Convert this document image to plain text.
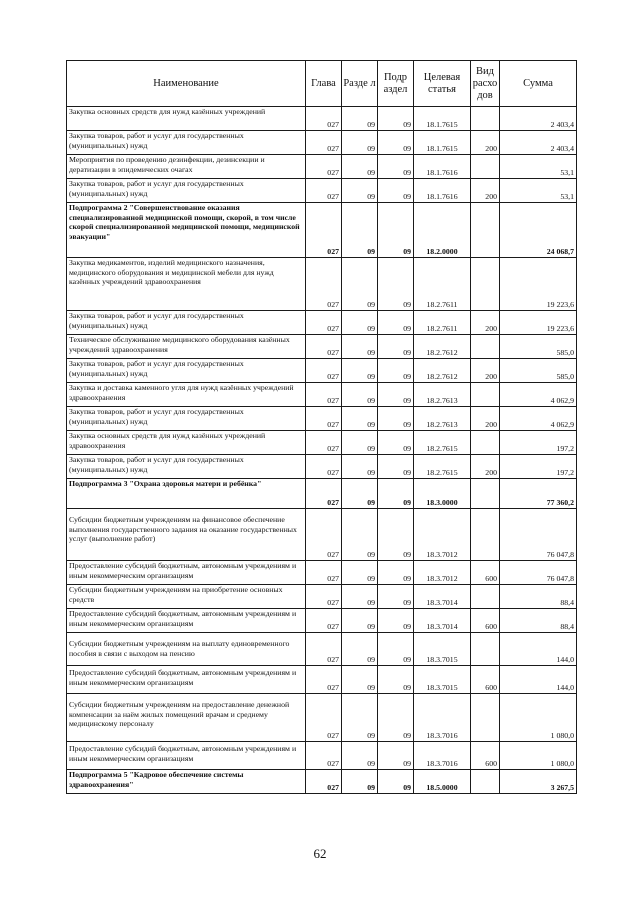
Наименование	Глава	Разде л	Подр аздел	Целевая статья	Вид расхо дов	Сумма
Закупка основных средств для нужд казённых учреждений	027	09	09	18.1.7615		2 403,4
Закупка товаров, работ и услуг для государственных (муниципальных) нужд	027	09	09	18.1.7615	200	2 403,4
Мероприятия по проведению дезинфекции, дезинсекции и дератизации в эпидемических очагах	027	09	09	18.1.7616		53,1
Закупка товаров, работ и услуг для государственных (муниципальных) нужд	027	09	09	18.1.7616	200	53,1
Подпрограмма 2 "Совершенствование оказания специализированной медицинской помощи, скорой, в том числе скорой специализированной медицинской помощи, медицинской эвакуации"	027	09	09	18.2.0000		24 068,7
Закупка медикаментов, изделий медицинского назначения, медицинского оборудования и медицинской мебели для нужд казённых учреждений здравоохранения	027	09	09	18.2.7611		19 223,6
Закупка товаров, работ и услуг для государственных (муниципальных) нужд	027	09	09	18.2.7611	200	19 223,6
Техническое обслуживание медицинского оборудования казённых учреждений здравоохранения	027	09	09	18.2.7612		585,0
Закупка товаров, работ и услуг для государственных (муниципальных) нужд	027	09	09	18.2.7612	200	585,0
Закупка и доставка каменного угля для нужд казённых учреждений здравоохранения	027	09	09	18.2.7613		4 062,9
Закупка товаров, работ и услуг для государственных (муниципальных) нужд	027	09	09	18.2.7613	200	4 062,9
Закупка основных средств для нужд казённых учреждений здравоохранения	027	09	09	18.2.7615		197,2
Закупка товаров, работ и услуг для государственных (муниципальных) нужд	027	09	09	18.2.7615	200	197,2
Подпрограмма 3 "Охрана здоровья матери и ребёнка"	027	09	09	18.3.0000		77 360,2
Субсидии бюджетным учреждениям на финансовое обеспечение выполнения государственного задания на оказание государственных услуг (выполнение работ)	027	09	09	18.3.7012		76 047,8
Предоставление субсидий бюджетным, автономным учреждениям и иным некоммерческим организациям	027	09	09	18.3.7012	600	76 047,8
Субсидии бюджетным учреждениям на приобретение основных средств	027	09	09	18.3.7014		88,4
Предоставление субсидий бюджетным, автономным учреждениям и иным некоммерческим организациям	027	09	09	18.3.7014	600	88,4
Субсидии бюджетным учреждениям на выплату единовременного пособия в связи с выходом на пенсию	027	09	09	18.3.7015		144,0
Предоставление субсидий бюджетным, автономным учреждениям и иным некоммерческим организациям	027	09	09	18.3.7015	600	144,0
Субсидии бюджетным учреждениям на предоставление денежной компенсации за наём жилых помещений врачам и среднему медицинскому персоналу	027	09	09	18.3.7016		1 080,0
Предоставление субсидий бюджетным, автономным учреждениям и иным некоммерческим организациям	027	09	09	18.3.7016	600	1 080,0
Подпрограмма 5 "Кадровое обеспечение системы здравоохранения"	027	09	09	18.5.0000		3 267,5
62
